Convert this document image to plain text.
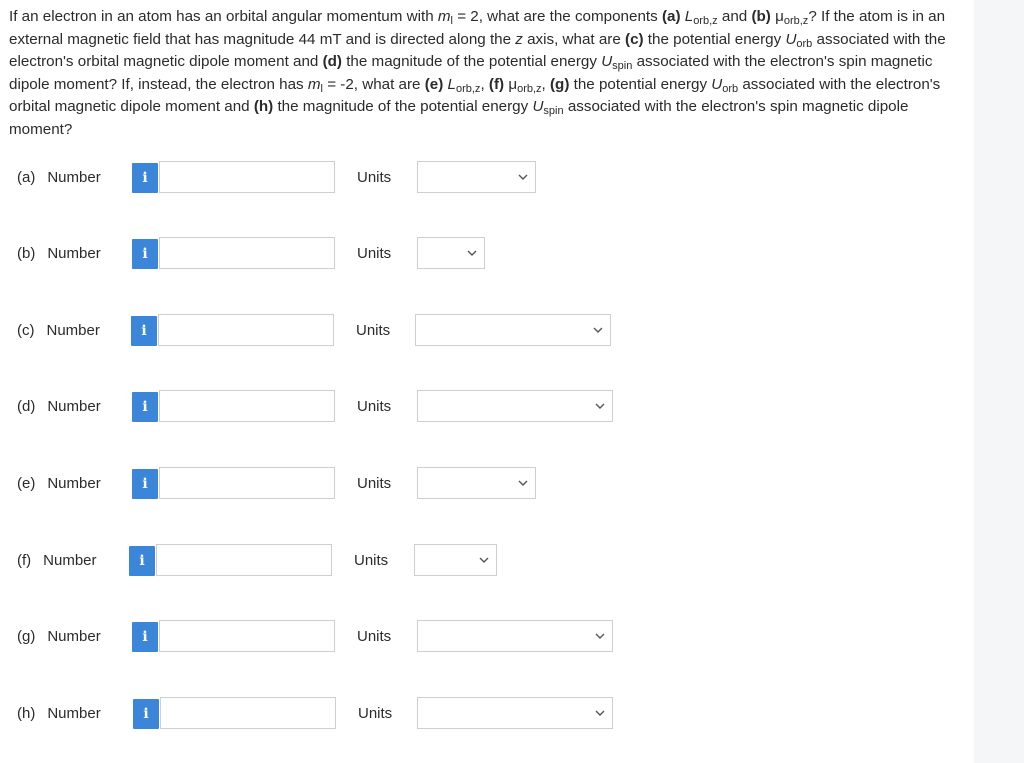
If an electron in an atom has an orbital angular momentum with $m_l = 2$, what are the components (a) $L_{orb,z}$ and (b) $\mu_{orb,z}$? If the atom is in an external magnetic field that has magnitude 44 mT and is directed along the z axis, what are (c) the potential energy $U_{orb}$ associated with the electron's orbital magnetic dipole moment and (d) the magnitude of the potential energy $U_{spin}$ associated with the electron's spin magnetic dipole moment? If, instead, the electron has $m_l = -2$, what are (e) $L_{orb,z}$, (f) $\mu_{orb,z}$, (g) the potential energy $U_{orb}$ associated with the electron's orbital magnetic dipole moment and (h) the magnitude of the potential energy $U_{spin}$ associated with the electron's spin magnetic dipole moment?
(a) Number	i	Units
(b) Number	i	Units
(c) Number	i	Units
(d) Number	i	Units
(e) Number	i	Units
(f) Number	i	Units
(g) Number	i	Units
(h) Number	i	Units
